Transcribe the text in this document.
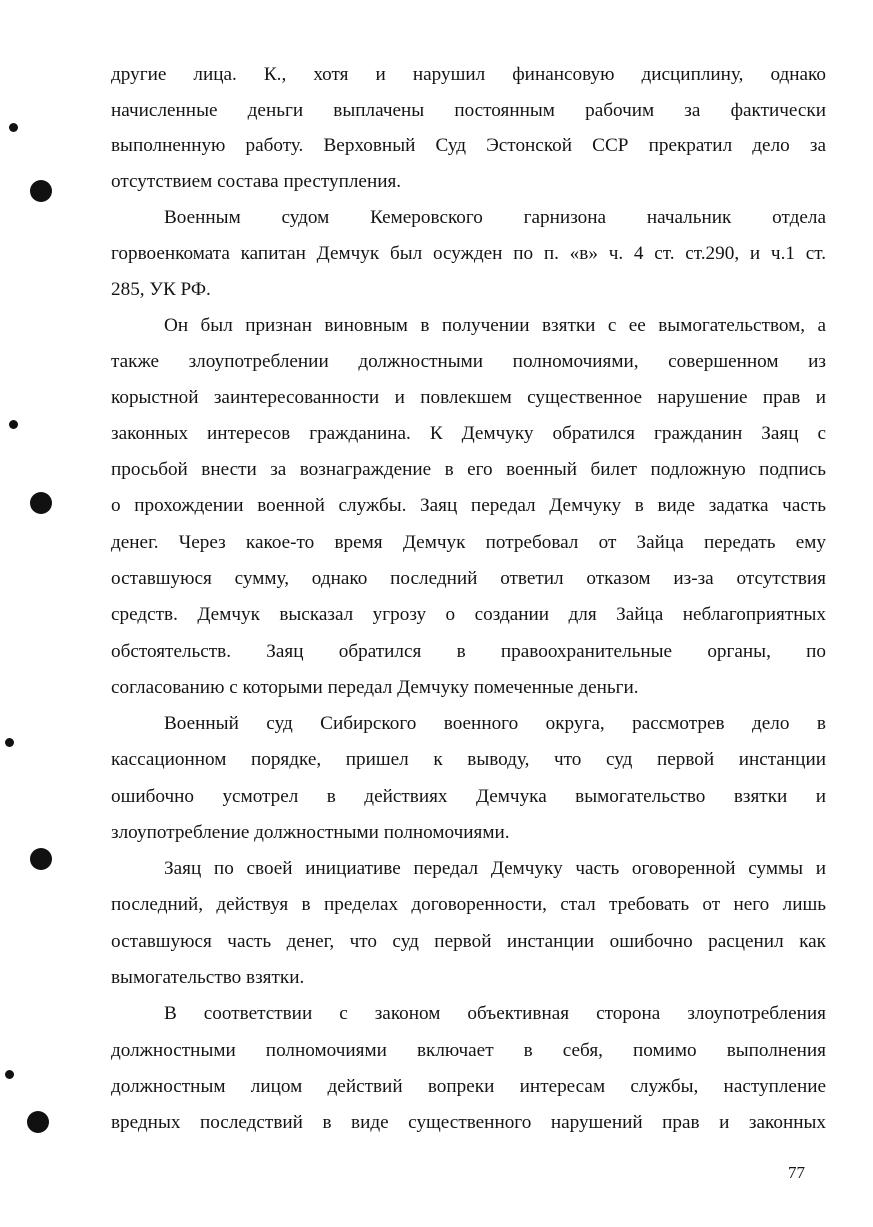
другие лица. К., хотя и нарушил финансовую дисциплину, однако
начисленные деньги выплачены постоянным рабочим за фактически
выполненную работу. Верховный Суд Эстонской ССР прекратил дело за
отсутствием состава преступления.
Военным судом Кемеровского гарнизона начальник отдела
горвоенкомата капитан Демчук был осужден по п. «в» ч. 4 ст. ст.290, и ч.1 ст.
285, УК РФ.
Он был признан виновным в получении взятки с ее вымогательством, а
также злоупотреблении должностными полномочиями, совершенном из
корыстной заинтересованности и повлекшем существенное нарушение прав и
законных интересов гражданина. К Демчуку обратился гражданин Заяц с
просьбой внести за вознаграждение в его военный билет подложную подпись
о прохождении военной службы. Заяц передал Демчуку в виде задатка часть
денег. Через какое-то время Демчук потребовал от Зайца передать ему
оставшуюся сумму, однако последний ответил отказом из-за отсутствия
средств. Демчук высказал угрозу о создании для Зайца неблагоприятных
обстоятельств. Заяц обратился в правоохранительные органы, по
согласованию с которыми передал Демчуку помеченные деньги.
Военный суд Сибирского военного округа, рассмотрев дело в
кассационном порядке, пришел к выводу, что суд первой инстанции
ошибочно усмотрел в действиях Демчука вымогательство взятки и
злоупотребление должностными полномочиями.
Заяц по своей инициативе передал Демчуку часть оговоренной суммы и
последний, действуя в пределах договоренности, стал требовать от него лишь
оставшуюся часть денег, что суд первой инстанции ошибочно расценил как
вымогательство взятки.
В соответствии с законом объективная сторона злоупотребления
должностными полномочиями включает в себя, помимо выполнения
должностным лицом действий вопреки интересам службы, наступление
вредных последствий в виде существенного нарушений прав и законных
77
